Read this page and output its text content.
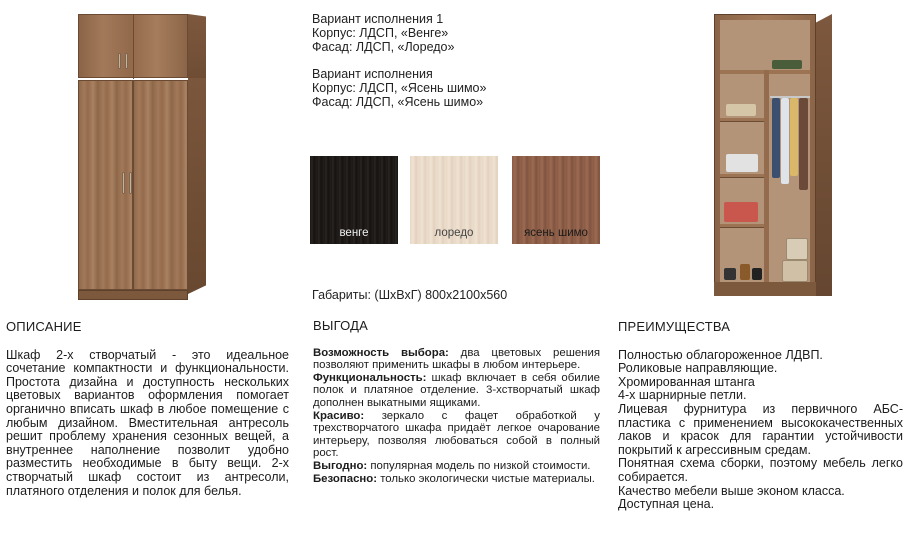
Вариант исполнения 1
Корпус: ЛДСП, «Венге»
Фасад: ЛДСП, «Лоредо»
Вариант исполнения
Корпус: ЛДСП, «Ясень шимо»
Фасад: ЛДСП, «Ясень шимо»
венге	лоредо	ясень шимо
Габариты: (ШхВхГ) 800х2100х560
ОПИСАНИЕ

Шкаф 2-х створчатый - это идеальное сочетание компактности и функциональности. Простота дизайна и доступность нескольких цветовых вариантов оформления помогает органично вписать шкаф в любое помещение с любым дизайном. Вместительная антресоль решит проблему хранения сезонных вещей, а внутреннее наполнение позволит удобно разместить необходимые в быту вещи. 2-х створчатый шкаф состоит из антресоли, платяного отделения и полок для белья.

ВЫГОДА
Возможность выбора: два цветовых решения позволяют применить шкафы в любом интерьере.
Функциональность: шкаф включает в себя обилие полок и платяное отделение. 3-хстворчатый шкаф дополнен выкатными ящиками.
Красиво: зеркало с фацет обработкой у трехстворчатого шкафа придаёт легкое очарование интерьеру, позволяя любоваться собой в полный рост.
Выгодно: популярная модель по низкой стоимости.
Безопасно: только экологически чистые материалы.
ПРЕИМУЩЕСТВА
Полностью облагороженное ЛДВП.
Роликовые направляющие.
Хромированная штанга
4-х шарнирные петли.
Лицевая фурнитура из первичного АБС-пластика с применением высококачественных лаков и красок для гарантии устойчивости покрытий к агрессивным средам.
Понятная схема сборки, поэтому мебель легко собирается.
Качество мебели выше эконом класса.
Доступная цена.
